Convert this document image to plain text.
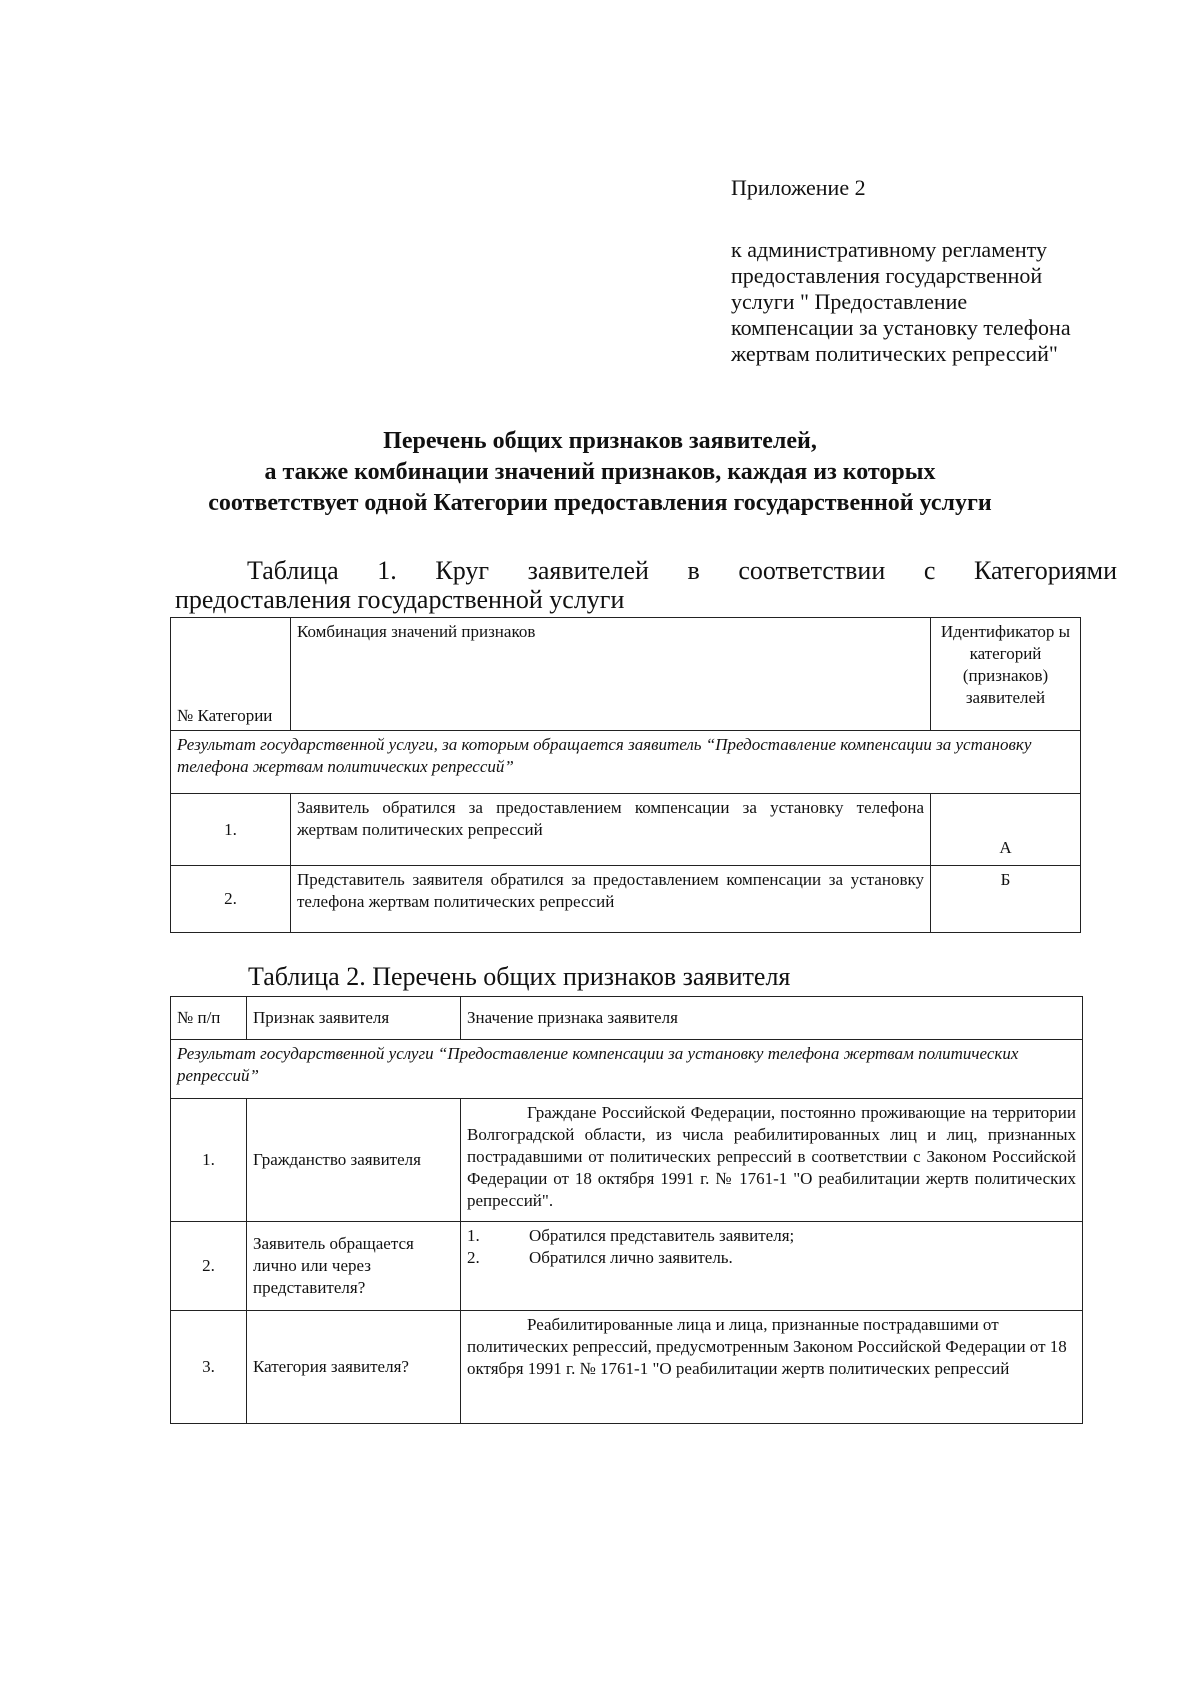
Приложение 2
к административному регламенту
предоставления государственной
услуги " Предоставление
компенсации за установку телефона
жертвам политических репрессий"
Перечень общих признаков заявителей,
а также комбинации значений признаков, каждая из которых
соответствует одной Категории предоставления государственной услуги
Таблица 1. Круг заявителей в соответствии с Категориями
предоставления государственной услуги
№ Категории	Комбинация значений признаков	Идентификатор ы категорий (признаков) заявителей
Результат государственной услуги, за которым обращается заявитель “Предоставление компенсации за установку телефона жертвам политических репрессий”		
1.	Заявитель обратился за предоставлением компенсации за установку телефона жертвам политических репрессий	А
2.	Представитель заявителя обратился за предоставлением компенсации за установку телефона жертвам политических репрессий	Б
Таблица 2. Перечень общих признаков заявителя
№ п/п	Признак заявителя	Значение признака заявителя
Результат государственной услуги “Предоставление компенсации за установку телефона жертвам политических репрессий”		
1.	Гражданство заявителя	Граждане Российской Федерации, постоянно проживающие на территории Волгоградской области, из числа реабилитированных лиц и лиц, признанных пострадавшими от политических репрессий в соответствии с Законом Российской Федерации от 18 октября 1991 г. № 1761-1 "О реабилитации жертв политических репрессий".
2.	Заявитель обращается лично или через представителя?	1. Обратился представитель заявителя;
2. Обратился лично заявитель.

3.	Категория заявителя?	Реабилитированные лица и лица, признанные пострадавшими от политических репрессий, предусмотренным Законом Российской Федерации от 18 октября 1991 г. № 1761-1 "О реабилитации жертв политических репрессий
